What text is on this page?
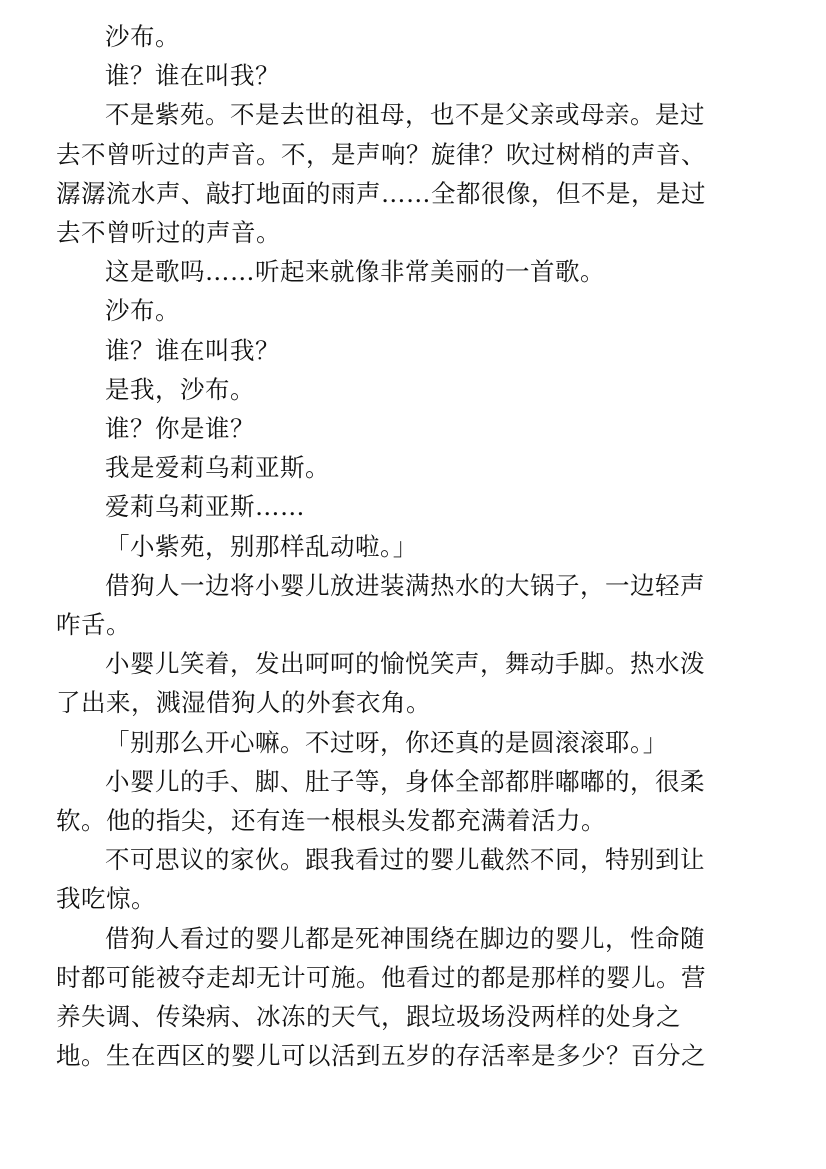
沙布。

谁？谁在叫我？

不是紫苑。不是去世的祖母，也不是父亲或母亲。是过
去不曾听过的声音。不，是声响？旋律？吹过树梢的声音、
潺潺流水声、敲打地面的雨声……全都很像，但不是，是过
去不曾听过的声音。

这是歌吗……听起来就像非常美丽的一首歌。

沙布。

谁？谁在叫我？

是我，沙布。

谁？你是谁？

我是爱莉乌莉亚斯。

爱莉乌莉亚斯……

「小紫苑，别那样乱动啦。」

借狗人一边将小婴儿放进装满热水的大锅子，一边轻声
咋舌。

小婴儿笑着，发出呵呵的愉悦笑声，舞动手脚。热水泼
了出来，溅湿借狗人的外套衣角。

「别那么开心嘛。不过呀，你还真的是圆滚滚耶。」

小婴儿的手、脚、肚子等，身体全部都胖嘟嘟的，很柔
软。他的指尖，还有连一根根头发都充满着活力。

不可思议的家伙。跟我看过的婴儿截然不同，特别到让
我吃惊。

借狗人看过的婴儿都是死神围绕在脚边的婴儿，性命随
时都可能被夺走却无计可施。他看过的都是那样的婴儿。营
养失调、传染病、冰冻的天气，跟垃圾场没两样的处身之
地。生在西区的婴儿可以活到五岁的存活率是多少？百分之
